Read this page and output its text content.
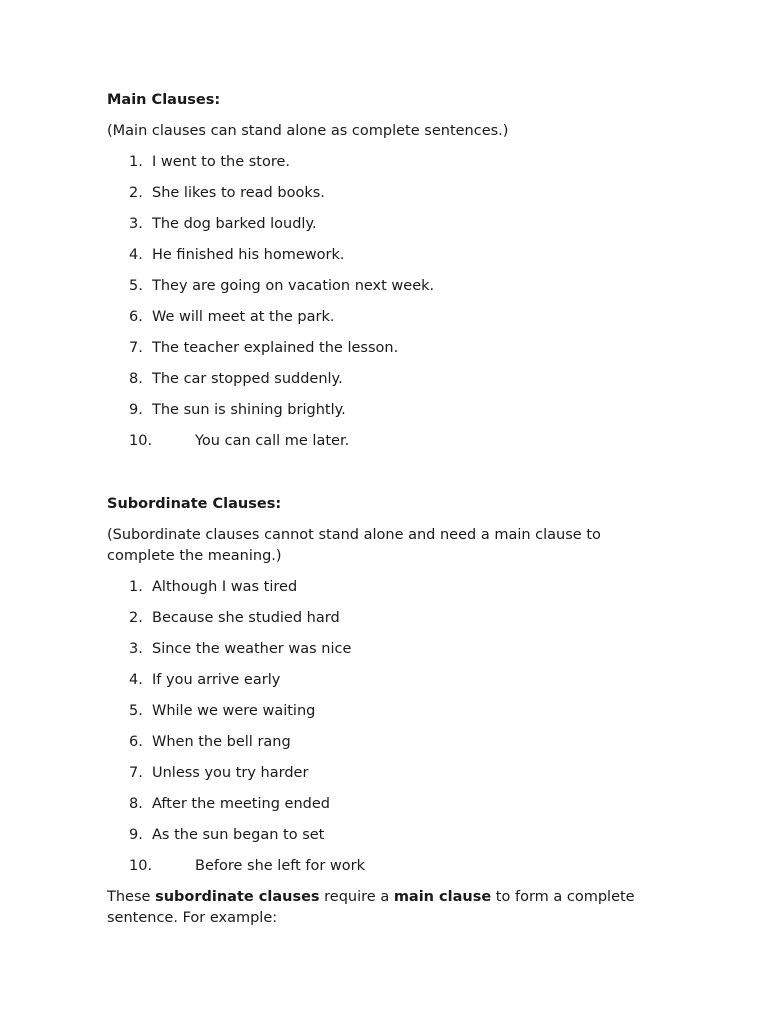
Main Clauses:

(Main clauses can stand alone as complete sentences.)

1. I went to the store.
2. She likes to read books.
3. The dog barked loudly.
4. He finished his homework.
5. They are going on vacation next week.
6. We will meet at the park.
7. The teacher explained the lesson.
8. The car stopped suddenly.
9. The sun is shining brightly.
10.	You can call me later.

Subordinate Clauses:

(Subordinate clauses cannot stand alone and need a main clause to complete the meaning.)

1. Although I was tired
2. Because she studied hard
3. Since the weather was nice
4. If you arrive early
5. While we were waiting
6. When the bell rang
7. Unless you try harder
8. After the meeting ended
9. As the sun began to set
10.	Before she left for work

These subordinate clauses require a main clause to form a complete sentence. For example:
